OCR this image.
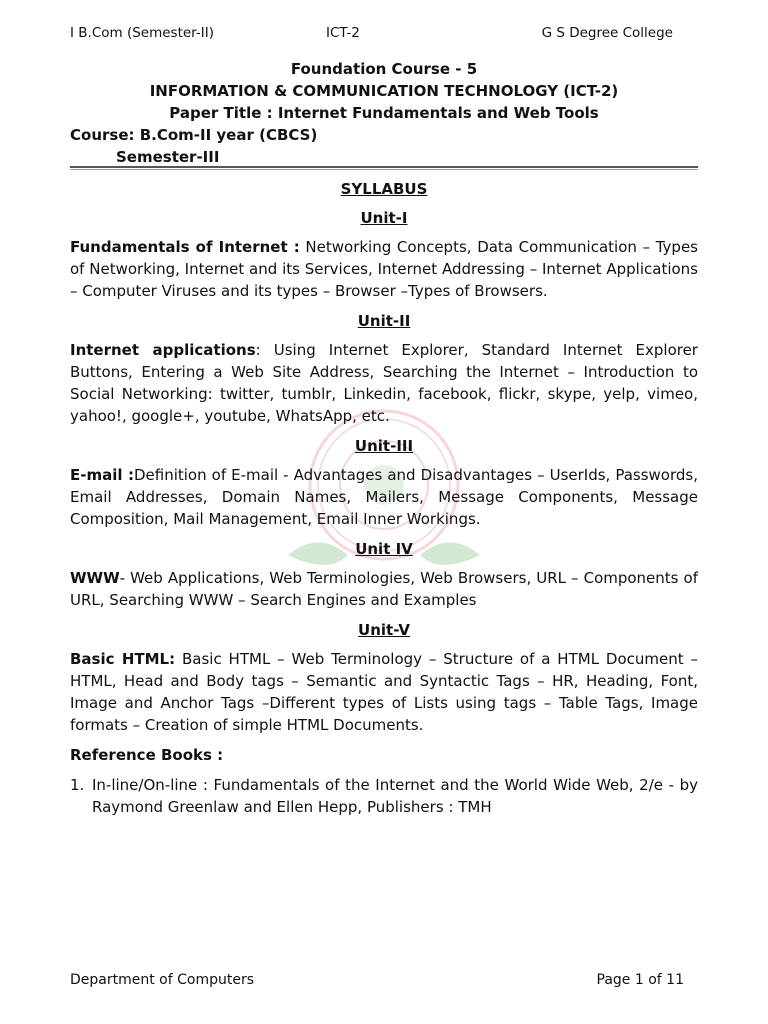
I B.Com (Semester-II)	ICT-2	G S Degree College
Foundation Course - 5
INFORMATION & COMMUNICATION TECHNOLOGY (ICT-2)
Paper Title : Internet Fundamentals and Web Tools
Course: B.Com-II year (CBCS)
Semester-III
SYLLABUS
Unit-I

Fundamentals of Internet : Networking Concepts, Data Communication – Types of Networking, Internet and its Services, Internet Addressing – Internet Applications – Computer Viruses and its types – Browser –Types of Browsers.

Unit-II

Internet applications: Using Internet Explorer, Standard Internet Explorer Buttons, Entering a Web Site Address, Searching the Internet – Introduction to Social Networking: twitter, tumblr, Linkedin, facebook, flickr, skype, yelp, vimeo, yahoo!, google+, youtube, WhatsApp, etc.

Unit-III

E-mail :Definition of E-mail - Advantages and Disadvantages – UserIds, Passwords, Email Addresses, Domain Names, Mailers, Message Components, Message Composition, Mail Management, Email Inner Workings.

Unit IV

WWW- Web Applications, Web Terminologies, Web Browsers, URL – Components of URL, Searching WWW – Search Engines and Examples

Unit-V

Basic HTML: Basic HTML – Web Terminology – Structure of a HTML Document – HTML, Head and Body tags – Semantic and Syntactic Tags – HR, Heading, Font, Image and Anchor Tags –Different types of Lists using tags – Table Tags, Image formats – Creation of simple HTML Documents.

Reference Books :
1. In-line/On-line : Fundamentals of the Internet and the World Wide Web, 2/e - by Raymond Greenlaw and Ellen Hepp, Publishers : TMH
Department of Computers	Page 1 of 11
